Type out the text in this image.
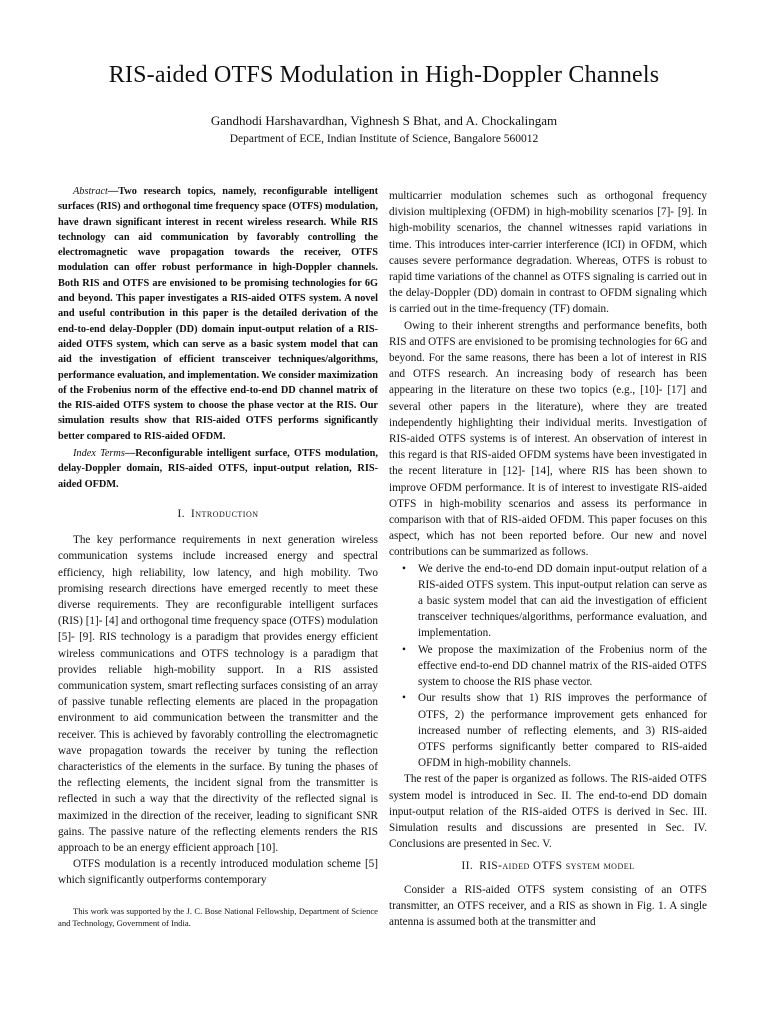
RIS-aided OTFS Modulation in High-Doppler Channels
Gandhodi Harshavardhan, Vighnesh S Bhat, and A. Chockalingam
Department of ECE, Indian Institute of Science, Bangalore 560012

Abstract—Two research topics, namely, reconfigurable intelligent surfaces (RIS) and orthogonal time frequency space (OTFS) modulation, have drawn significant interest in recent wireless research. While RIS technology can aid communication by favorably controlling the electromagnetic wave propagation towards the receiver, OTFS modulation can offer robust performance in high-Doppler channels. Both RIS and OTFS are envisioned to be promising technologies for 6G and beyond. This paper investigates a RIS-aided OTFS system. A novel and useful contribution in this paper is the detailed derivation of the end-to-end delay-Doppler (DD) domain input-output relation of a RIS-aided OTFS system, which can serve as a basic system model that can aid the investigation of efficient transceiver techniques/algorithms, performance evaluation, and implementation. We consider maximization of the Frobenius norm of the effective end-to-end DD channel matrix of the RIS-aided OTFS system to choose the phase vector at the RIS. Our simulation results show that RIS-aided OTFS performs significantly better compared to RIS-aided OFDM.

Index Terms—Reconfigurable intelligent surface, OTFS modulation, delay-Doppler domain, RIS-aided OTFS, input-output relation, RIS-aided OFDM.

I. Introduction

The key performance requirements in next generation wireless communication systems include increased energy and spectral efficiency, high reliability, low latency, and high mobility. Two promising research directions have emerged recently to meet these diverse requirements. They are reconfigurable intelligent surfaces (RIS) [1]- [4] and orthogonal time frequency space (OTFS) modulation [5]- [9]. RIS technology is a paradigm that provides energy efficient wireless communications and OTFS technology is a paradigm that provides reliable high-mobility support. In a RIS assisted communication system, smart reflecting surfaces consisting of an array of passive tunable reflecting elements are placed in the propagation environment to aid communication between the transmitter and the receiver. This is achieved by favorably controlling the electromagnetic wave propagation towards the receiver by tuning the reflection characteristics of the elements in the surface. By tuning the phases of the reflecting elements, the incident signal from the transmitter is reflected in such a way that the directivity of the reflected signal is maximized in the direction of the receiver, leading to significant SNR gains. The passive nature of the reflecting elements renders the RIS approach to be an energy efficient approach [10].

OTFS modulation is a recently introduced modulation scheme [5] which significantly outperforms contemporary

This work was supported by the J. C. Bose National Fellowship, Department of Science and Technology, Government of India.

multicarrier modulation schemes such as orthogonal frequency division multiplexing (OFDM) in high-mobility scenarios [7]- [9]. In high-mobility scenarios, the channel witnesses rapid variations in time. This introduces inter-carrier interference (ICI) in OFDM, which causes severe performance degradation. Whereas, OTFS is robust to rapid time variations of the channel as OTFS signaling is carried out in the delay-Doppler (DD) domain in contrast to OFDM signaling which is carried out in the time-frequency (TF) domain.

Owing to their inherent strengths and performance benefits, both RIS and OTFS are envisioned to be promising technologies for 6G and beyond. For the same reasons, there has been a lot of interest in RIS and OTFS research. An increasing body of research has been appearing in the literature on these two topics (e.g., [10]- [17] and several other papers in the literature), where they are treated independently highlighting their individual merits. Investigation of RIS-aided OTFS systems is of interest. An observation of interest in this regard is that RIS-aided OFDM systems have been investigated in the recent literature in [12]- [14], where RIS has been shown to improve OFDM performance. It is of interest to investigate RIS-aided OTFS in high-mobility scenarios and assess its performance in comparison with that of RIS-aided OFDM. This paper focuses on this aspect, which has not been reported before. Our new and novel contributions can be summarized as follows.

• We derive the end-to-end DD domain input-output relation of a RIS-aided OTFS system. This input-output relation can serve as a basic system model that can aid the investigation of efficient transceiver techniques/algorithms, performance evaluation, and implementation.
• We propose the maximization of the Frobenius norm of the effective end-to-end DD channel matrix of the RIS-aided OTFS system to choose the RIS phase vector.
• Our results show that 1) RIS improves the performance of OTFS, 2) the performance improvement gets enhanced for increased number of reflecting elements, and 3) RIS-aided OTFS performs significantly better compared to RIS-aided OFDM in high-mobility channels.

The rest of the paper is organized as follows. The RIS-aided OTFS system model is introduced in Sec. II. The end-to-end DD domain input-output relation of the RIS-aided OTFS is derived in Sec. III. Simulation results and discussions are presented in Sec. IV. Conclusions are presented in Sec. V.

II. RIS-aided OTFS system model

Consider a RIS-aided OTFS system consisting of an OTFS transmitter, an OTFS receiver, and a RIS as shown in Fig. 1. A single antenna is assumed both at the transmitter and
